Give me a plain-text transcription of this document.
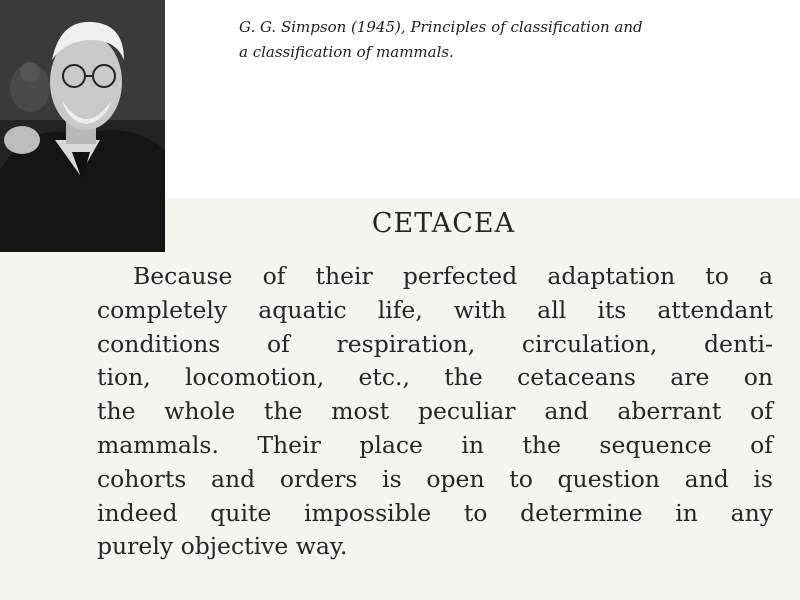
G. G. Simpson (1945), Principles of classification and
a classification of mammals.
CETACEA

Because of their perfected adaptation to a
completely aquatic life, with all its attendant
conditions of respiration, circulation, denti-
tion, locomotion, etc., the cetaceans are on
the whole the most peculiar and aberrant of
mammals. Their place in the sequence of
cohorts and orders is open to question and is
indeed quite impossible to determine in any
purely objective way.
